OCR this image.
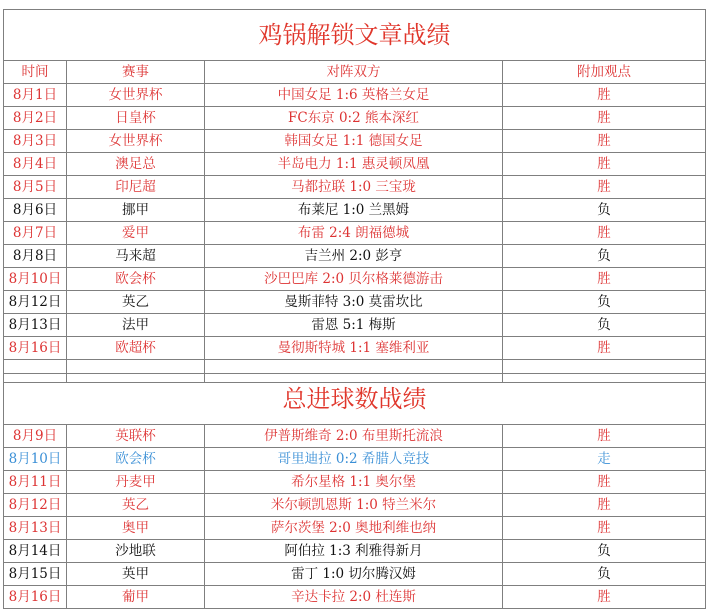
鸡锅解锁文章战绩			
时间	赛事	对阵双方	附加观点
8月1日	女世界杯	中国女足 1:6 英格兰女足	胜
8月2日	日皇杯	FC东京 0:2 熊本深红	胜
8月3日	女世界杯	韩国女足 1:1 德国女足	胜
8月4日	澳足总	半岛电力 1:1 惠灵顿凤凰	胜
8月5日	印尼超	马都拉联 1:0 三宝珑	胜
8月6日	挪甲	布莱尼 1:0 兰黑姆	负
8月7日	爱甲	布雷 2:4 朗福德城	胜
8月8日	马来超	吉兰州 2:0 彭亨	负
8月10日	欧会杯	沙巴巴库 2:0 贝尔格莱德游击	胜
8月12日	英乙	曼斯菲特 3:0 莫雷坎比	负
8月13日	法甲	雷恩 5:1 梅斯	负
8月16日	欧超杯	曼彻斯特城 1:1 塞维利亚	胜

总进球数战绩			
8月9日	英联杯	伊普斯维奇 2:0 布里斯托流浪	胜
8月10日	欧会杯	哥里迪拉 0:2 希腊人竞技	走
8月11日	丹麦甲	希尔星格 1:1 奥尔堡	胜
8月12日	英乙	米尔顿凯恩斯 1:0 特兰米尔	胜
8月13日	奥甲	萨尔茨堡 2:0 奥地利维也纳	胜
8月14日	沙地联	阿伯拉 1:3 利雅得新月	负
8月15日	英甲	雷丁 1:0 切尔腾汉姆	负
8月16日	葡甲	辛达卡拉 2:0 杜连斯	胜
